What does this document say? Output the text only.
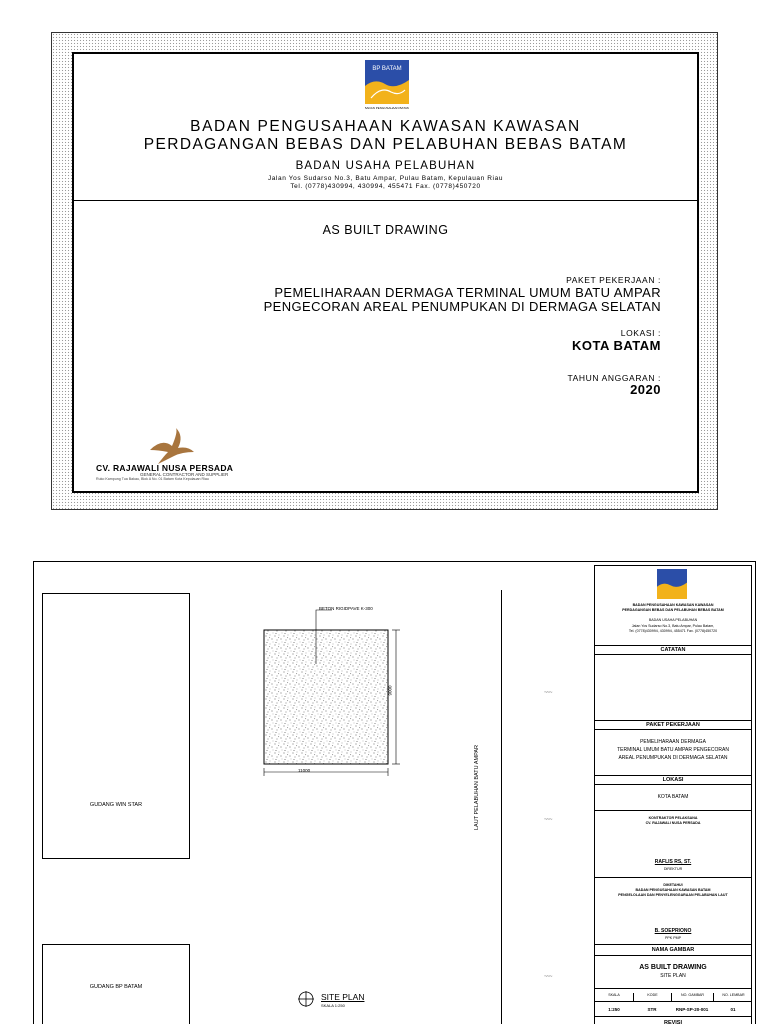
BP BATAM
BADAN PENGUSAHAAN BATAM
BADAN PENGUSAHAAN KAWASAN KAWASAN
PERDAGANGAN BEBAS DAN PELABUHAN BEBAS BATAM
BADAN USAHA PELABUHAN
Jalan Yos Sudarso No.3, Batu Ampar, Pulau Batam, Kepulauan Riau
Tel. (0778)430994, 430994, 455471 Fax. (0778)450720
AS BUILT DRAWING
PAKET PEKERJAAN :
PEMELIHARAAN DERMAGA TERMINAL UMUM BATU AMPAR
PENGECORAN AREAL PENUMPUKAN DI DERMAGA SELATAN
LOKASI :
KOTA BATAM
TAHUN ANGGARAN :
2020
CV. RAJAWALI NUSA PERSADA
GENERAL CONTRACTOR AND SUPPLIER
Ruko Kampung Tua Bakau, Blok A No. 01 Batam Kota Kepulauan Riau
GUDANG WIN STAR
GUDANG BP BATAM
BETON RIGIDPAVE K-300
11000
9000
LAUT PELABUHAN BATU AMPAR
~~~
~~~
~~~
SITE PLAN
SKALA 1:250
BADAN PENGUSAHAAN KAWASAN KAWASAN
PERDAGANGAN BEBAS DAN PELABUHAN BEBAS BATAM
BADAN USAHA PELABUHAN
Jalan Yos Sudarso No.3, Batu Ampar, Pulau Batam,
Tel. (0778)430994, 430994, 455471 Fax. (0778)450720
CATATAN
PAKET PEKERJAAN
PEMELIHARAAN DERMAGA
TERMINAL UMUM BATU AMPAR PENGECORAN
AREAL PENUMPUKAN DI DERMAGA SELATAN
LOKASI
KOTA BATAM
KONTRAKTOR PELAKSANA
CV. RAJAWALI NUSA PERSADA
RAFLIS RS, ST.
DIREKTUR
DIKETAHUI
BADAN PENGUSAHAAN KAWASAN BATAM
PENGELOLAAN DAN PENYELENGGARAAN PELABUHAN LAUT
B. SOEPRIONO
PPK PMP
NAMA GAMBAR
AS BUILT DRAWING
SITE PLAN
SKALA	KODE	NO. GAMBAR	NO. LEMBAR
1:250	STR	RNP-SP-20-001	01
REVISI
